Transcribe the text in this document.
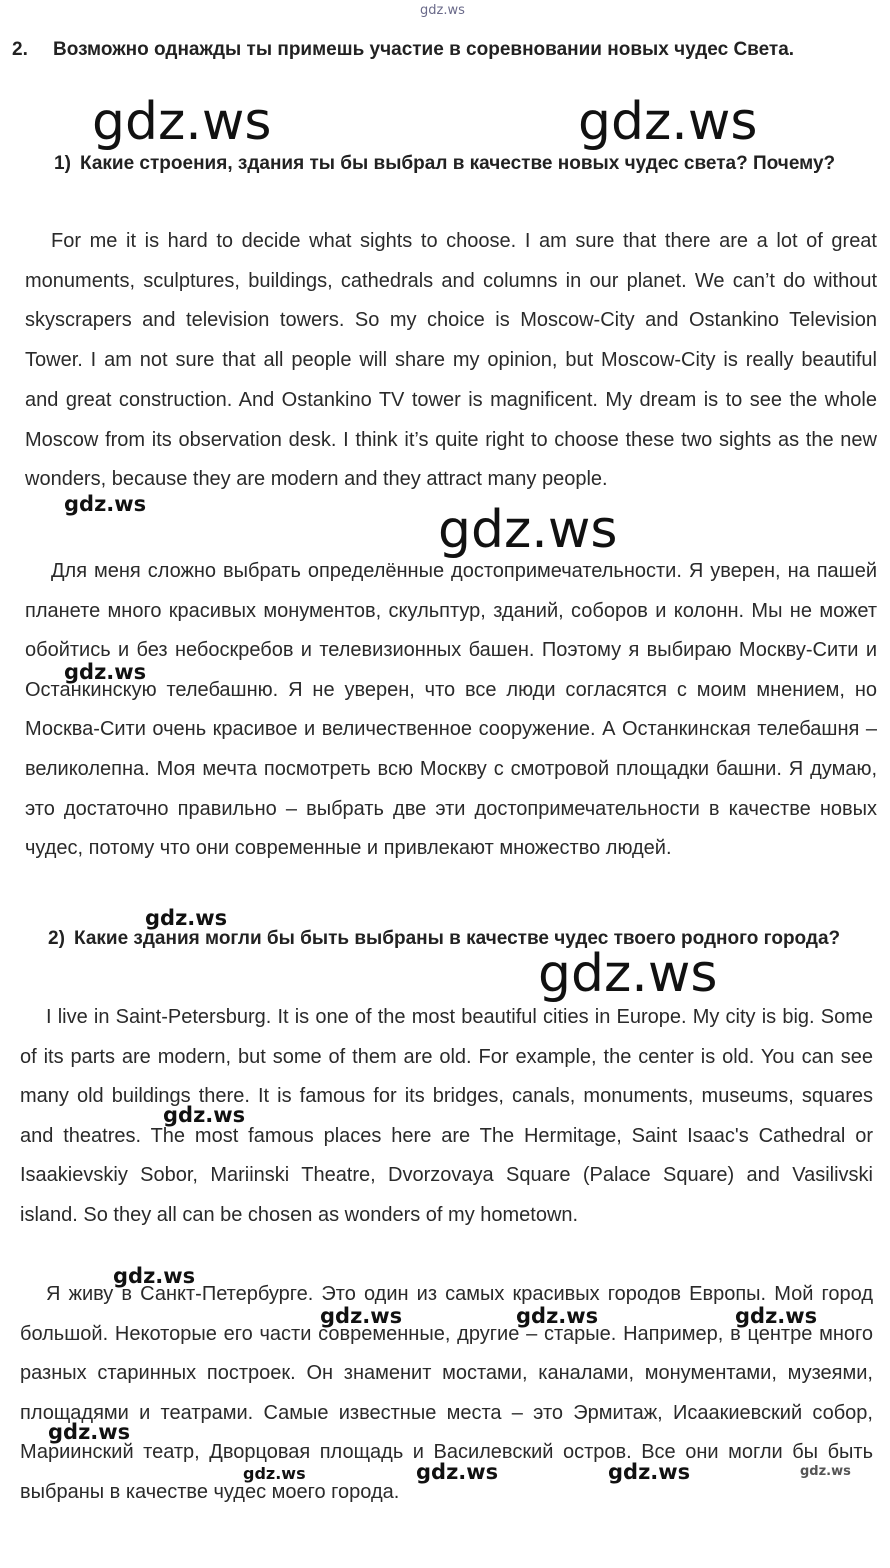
gdz.ws
gdz.ws	gdz.ws
gdz.ws
gdz.ws
gdz.ws
gdz.ws
gdz.ws
gdz.ws
gdz.ws
gdz.ws	gdz.ws	gdz.ws
gdz.ws
gdz.ws	gdz.ws
gdz.ws	gdz.ws
2. Возможно однажды ты примешь участие в соревновании новых чудес Света.
1) Какие строения, здания ты бы выбрал в качестве новых чудес света? Почему?
For me it is hard to decide what sights to choose. I am sure that there are a lot of great monuments, sculptures, buildings, cathedrals and columns in our planet. We can’t do without skyscrapers and television towers. So my choice is Moscow-City and Ostankino Television Tower. I am not sure that all people will share my opinion, but Moscow-City is really beautiful and great construction. And Ostankino TV tower is magnificent. My dream is to see the whole Moscow from its observation desk. I think it’s quite right to choose these two sights as the new wonders, because they are modern and they attract many people.
Для меня сложно выбрать определённые достопримечательности. Я уверен, на пашей планете много красивых монументов, скульптур, зданий, соборов и колонн. Мы не может обойтись и без небоскребов и телевизионных башен. Поэтому я выбираю Москву-Сити и Останкинскую телебашню. Я не уверен, что все люди согласятся с моим мнением, но Москва-Сити очень красивое и величественное сооружение. А Останкинская телебашня – великолепна. Моя мечта посмотреть всю Москву с смотровой площадки башни. Я думаю, это достаточно правильно – выбрать две эти достопримечательности в качестве новых чудес, потому что они современные и привлекают множество людей.
2) Какие здания могли бы быть выбраны в качестве чудес твоего родного города?
I live in Saint-Petersburg. It is one of the most beautiful cities in Europe. My city is big. Some of its parts are modern, but some of them are old. For example, the center is old. You can see many old buildings there. It is famous for its bridges, canals, monuments, museums, squares and theatres. The most famous places here are The Hermitage, Saint Isaac's Cathedral or Isaakievskiy Sobor, Mariinski Theatre, Dvorzovaya Square (Palace Square) and Vasilivski island. So they all can be chosen as wonders of my hometown.
Я живу в Санкт-Петербурге. Это один из самых красивых городов Европы. Мой город большой. Некоторые его части современные, другие – старые. Например, в центре много разных старинных построек. Он знаменит мостами, каналами, монументами, музеями, площадями и театрами. Самые известные места – это Эрмитаж, Исаакиевский собор, Мариинский театр, Дворцовая площадь и Василевский остров. Все они могли бы быть выбраны в качестве чудес моего города.
